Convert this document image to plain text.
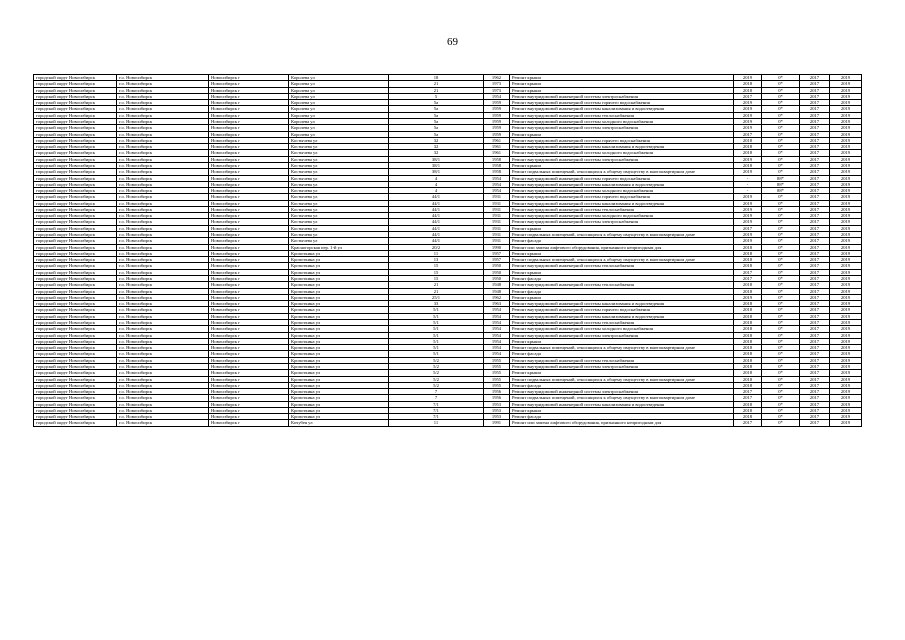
69
городской округ Новосибирск	г.о. Новосибирск	Новосибирск г	Королева ул	18	1962	Ремонт крыши	2019	0*	2017	2019
городской округ Новосибирск	г.о. Новосибирск	Новосибирск г	Королева ул	21	1973	Ремонт крыши	2018	0*	2017	2019
городской округ Новосибирск	г.о. Новосибирск	Новосибирск г	Королева ул	21	1973	Ремонт крыши	2018	0*	2017	2019
городской округ Новосибирск	г.о. Новосибирск	Новосибирск г	Королева ул	5	1954	Ремонт внутридомовой инженерной системы электроснабжения	2017	0*	2017	2019
городской округ Новосибирск	г.о. Новосибирск	Новосибирск г	Королева ул	5а	1959	Ремонт внутридомовой инженерной системы горячего водоснабжения	2019	0*	2017	2019
городской округ Новосибирск	г.о. Новосибирск	Новосибирск г	Королева ул	5а	1959	Ремонт внутридомовой инженерной системы канализования и водоотведения	2019	0*	2017	2019
городской округ Новосибирск	г.о. Новосибирск	Новосибирск г	Королева ул	5а	1959	Ремонт внутридомовой инженерной системы теплоснабжения	2019	0*	2017	2019
городской округ Новосибирск	г.о. Новосибирск	Новосибирск г	Королева ул	5а	1959	Ремонт внутридомовой инженерной системы холодного водоснабжения	2019	0*	2017	2019
городской округ Новосибирск	г.о. Новосибирск	Новосибирск г	Королева ул	5а	1959	Ремонт внутридомовой инженерной системы электроснабжения	2019	0*	2017	2019
городской округ Новосибирск	г.о. Новосибирск	Новосибирск г	Королева ул	5а	1959	Ремонт крыши	2017	0*	2017	2019
городской округ Новосибирск	г.о. Новосибирск	Новосибирск г	Костычева ул	32	1961	Ремонт внутридомовой инженерной системы горячего водоснабжения	2018	0*	2017	2019
городской округ Новосибирск	г.о. Новосибирск	Новосибирск г	Костычева ул	32	1961	Ремонт внутридомовой инженерной системы канализования и водоотведения	2018	0*	2017	2019
городской округ Новосибирск	г.о. Новосибирск	Новосибирск г	Костычева ул	32	1961	Ремонт внутридомовой инженерной системы холодного водоснабжения	2018	0*	2017	2019
городской округ Новосибирск	г.о. Новосибирск	Новосибирск г	Костычева ул	38/1	1958	Ремонт внутридомовой инженерной системы электроснабжения	2019	0*	2017	2019
городской округ Новосибирск	г.о. Новосибирск	Новосибирск г	Костычева ул	38/1	1958	Ремонт крыши	2018	0*	2017	2019
городской округ Новосибирск	г.о. Новосибирск	Новосибирск г	Костычева ул	38/1	1958	Ремонт подвальных помещений, относящихся к общему имуществу в многоквартирном доме	2019	0*	2017	2019
городской округ Новосибирск	г.о. Новосибирск	Новосибирск г	Костычева ул	4	1954	Ремонт внутридомовой инженерной системы горячего водоснабжения	-	88*	2017	2019
городской округ Новосибирск	г.о. Новосибирск	Новосибирск г	Костычева ул	4	1954	Ремонт внутридомовой инженерной системы канализования и водоотведения	-	88*	2017	2019
городской округ Новосибирск	г.о. Новосибирск	Новосибирск г	Костычева ул	4	1954	Ремонт внутридомовой инженерной системы холодного водоснабжения	-	88*	2017	2019
городской округ Новосибирск	г.о. Новосибирск	Новосибирск г	Костычева ул	44/1	1931	Ремонт внутридомовой инженерной системы горячего водоснабжения	2019	0*	2017	2019
городской округ Новосибирск	г.о. Новосибирск	Новосибирск г	Костычева ул	44/1	1931	Ремонт внутридомовой инженерной системы канализования и водоотведения	2019	0*	2017	2019
городской округ Новосибирск	г.о. Новосибирск	Новосибирск г	Костычева ул	44/1	1931	Ремонт внутридомовой инженерной системы теплоснабжения	2019	0*	2017	2019
городской округ Новосибирск	г.о. Новосибирск	Новосибирск г	Костычева ул	44/1	1931	Ремонт внутридомовой инженерной системы холодного водоснабжения	2019	0*	2017	2019
городской округ Новосибирск	г.о. Новосибирск	Новосибирск г	Костычева ул	44/1	1931	Ремонт внутридомовой инженерной системы электроснабжения	2019	0*	2017	2019
городской округ Новосибирск	г.о. Новосибирск	Новосибирск г	Костычева ул	44/1	1931	Ремонт крыши	2017	0*	2017	2019
городской округ Новосибирск	г.о. Новосибирск	Новосибирск г	Костычева ул	44/1	1931	Ремонт подвальных помещений, относящихся к общему имуществу в многоквартирном доме	2019	0*	2017	2019
городской округ Новосибирск	г.о. Новосибирск	Новосибирск г	Костычева ул	44/1	1931	Ремонт фасада	2019	0*	2017	2019
городской округ Новосибирск	г.о. Новосибирск	Новосибирск г	Красногорская пер. 1-й ул	20/2	1990	Ремонт или замена лифтового оборудования, признанного непригодным для	2018	0*	2017	2019
городской округ Новосибирск	г.о. Новосибирск	Новосибирск г	Кропоткина ул	11	1957	Ремонт крыши	2018	0*	2017	2019
городской округ Новосибирск	г.о. Новосибирск	Новосибирск г	Кропоткина ул	13	1957	Ремонт подвальных помещений, относящихся к общему имуществу в многоквартирном доме	2018	0*	2017	2019
городской округ Новосибирск	г.о. Новосибирск	Новосибирск г	Кропоткина ул	15	1950	Ремонт внутридомовой инженерной системы теплоснабжения	2018	0*	2017	2019
городской округ Новосибирск	г.о. Новосибирск	Новосибирск г	Кропоткина ул	15	1950	Ремонт крыши	2017	0*	2017	2019
городской округ Новосибирск	г.о. Новосибирск	Новосибирск г	Кропоткина ул	15	1950	Ремонт фасада	2017	0*	2017	2019
городской округ Новосибирск	г.о. Новосибирск	Новосибирск г	Кропоткина ул	21	1948	Ремонт внутридомовой инженерной системы теплоснабжения	2018	0*	2017	2019
городской округ Новосибирск	г.о. Новосибирск	Новосибирск г	Кропоткина ул	21	1948	Ремонт фасада	2018	0*	2017	2019
городской округ Новосибирск	г.о. Новосибирск	Новосибирск г	Кропоткина ул	25/1	1962	Ремонт крыши	2019	0*	2017	2019
городской округ Новосибирск	г.о. Новосибирск	Новосибирск г	Кропоткина ул	33	1963	Ремонт внутридомовой инженерной системы канализования и водоотведения	2018	0*	2017	2019
городской округ Новосибирск	г.о. Новосибирск	Новосибирск г	Кропоткина ул	5/1	1954	Ремонт внутридомовой инженерной системы горячего водоснабжения	2018	0*	2017	2019
городской округ Новосибирск	г.о. Новосибирск	Новосибирск г	Кропоткина ул	5/1	1954	Ремонт внутридомовой инженерной системы канализования и водоотведения	2018	0*	2017	2019
городской округ Новосибирск	г.о. Новосибирск	Новосибирск г	Кропоткина ул	5/1	1954	Ремонт внутридомовой инженерной системы теплоснабжения	2018	0*	2017	2019
городской округ Новосибирск	г.о. Новосибирск	Новосибирск г	Кропоткина ул	5/1	1954	Ремонт внутридомовой инженерной системы холодного водоснабжения	2018	0*	2017	2019
городской округ Новосибирск	г.о. Новосибирск	Новосибирск г	Кропоткина ул	5/1	1954	Ремонт внутридомовой инженерной системы электроснабжения	2018	0*	2017	2019
городской округ Новосибирск	г.о. Новосибирск	Новосибирск г	Кропоткина ул	5/1	1954	Ремонт крыши	2018	0*	2017	2019
городской округ Новосибирск	г.о. Новосибирск	Новосибирск г	Кропоткина ул	5/1	1954	Ремонт подвальных помещений, относящихся к общему имуществу в многоквартирном доме	2018	0*	2017	2019
городской округ Новосибирск	г.о. Новосибирск	Новосибирск г	Кропоткина ул	5/1	1954	Ремонт фасада	2018	0*	2017	2019
городской округ Новосибирск	г.о. Новосибирск	Новосибирск г	Кропоткина ул	5/2	1955	Ремонт внутридомовой инженерной системы теплоснабжения	2018	0*	2017	2019
городской округ Новосибирск	г.о. Новосибирск	Новосибирск г	Кропоткина ул	5/2	1955	Ремонт внутридомовой инженерной системы электроснабжения	2018	0*	2017	2019
городской округ Новосибирск	г.о. Новосибирск	Новосибирск г	Кропоткина ул	5/2	1955	Ремонт крыши	2018	0*	2017	2019
городской округ Новосибирск	г.о. Новосибирск	Новосибирск г	Кропоткина ул	5/2	1955	Ремонт подвальных помещений, относящихся к общему имуществу в многоквартирном доме	2018	0*	2017	2019
городской округ Новосибирск	г.о. Новосибирск	Новосибирск г	Кропоткина ул	5/2	1955	Ремонт фасада	2018	0*	2017	2019
городской округ Новосибирск	г.о. Новосибирск	Новосибирск г	Кропоткина ул	7	1956	Ремонт внутридомовой инженерной системы электроснабжения	2017	0*	2017	2019
городской округ Новосибирск	г.о. Новосибирск	Новосибирск г	Кропоткина ул	7	1956	Ремонт подвальных помещений, относящихся к общему имуществу в многоквартирном доме	2017	0*	2017	2019
городской округ Новосибирск	г.о. Новосибирск	Новосибирск г	Кропоткина ул	7/1	1953	Ремонт внутридомовой инженерной системы канализования и водоотведения	2018	0*	2017	2019
городской округ Новосибирск	г.о. Новосибирск	Новосибирск г	Кропоткина ул	7/1	1953	Ремонт крыши	2018	0*	2017	2019
городской округ Новосибирск	г.о. Новосибирск	Новосибирск г	Кропоткина ул	7/1	1953	Ремонт фасада	2018	0*	2017	2019
городской округ Новосибирск	г.о. Новосибирск	Новосибирск г	Кочубея ул	11	1991	Ремонт или замена лифтового оборудования, признанного непригодным для	2017	0*	2017	2019
